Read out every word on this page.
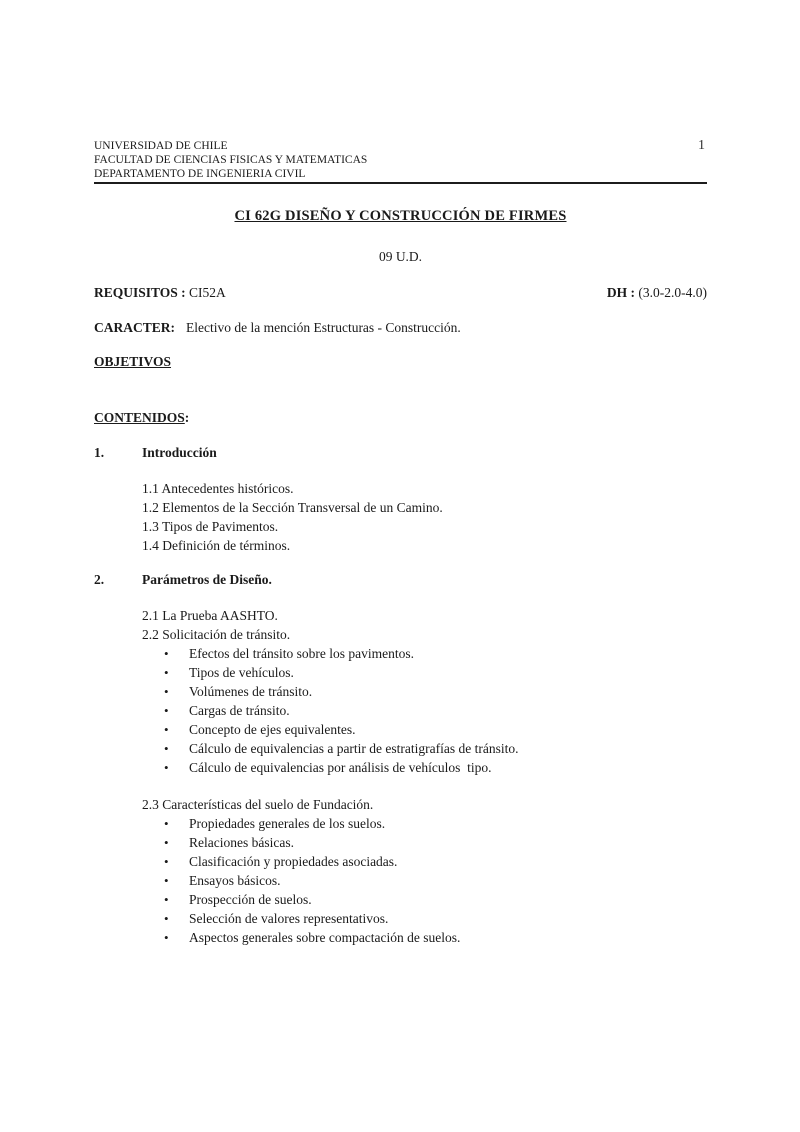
1
UNIVERSIDAD DE CHILE
FACULTAD DE CIENCIAS FISICAS Y MATEMATICAS
DEPARTAMENTO DE INGENIERIA CIVIL
CI 62G DISEÑO Y CONSTRUCCIÓN DE FIRMES
09 U.D.
REQUISITOS : CI52A	DH : (3.0-2.0-4.0)
CARACTER: Electivo de la mención Estructuras - Construcción.
OBJETIVOS
CONTENIDOS:
1.	Introducción
1.1 Antecedentes históricos.
1.2 Elementos de la Sección Transversal de un Camino.
1.3 Tipos de Pavimentos.
1.4 Definición de términos.
2.	Parámetros de Diseño.
2.1 La Prueba AASHTO.
2.2 Solicitación de tránsito.
•	Efectos del tránsito sobre los pavimentos.
•	Tipos de vehículos.
•	Volúmenes de tránsito.
•	Cargas de tránsito.
•	Concepto de ejes equivalentes.
•	Cálculo de equivalencias a partir de estratigrafías de tránsito.
•	Cálculo de equivalencias por análisis de vehículos  tipo.
2.3 Características del suelo de Fundación.
•	Propiedades generales de los suelos.
•	Relaciones básicas.
•	Clasificación y propiedades asociadas.
•	Ensayos básicos.
•	Prospección de suelos.
•	Selección de valores representativos.
•	Aspectos generales sobre compactación de suelos.
